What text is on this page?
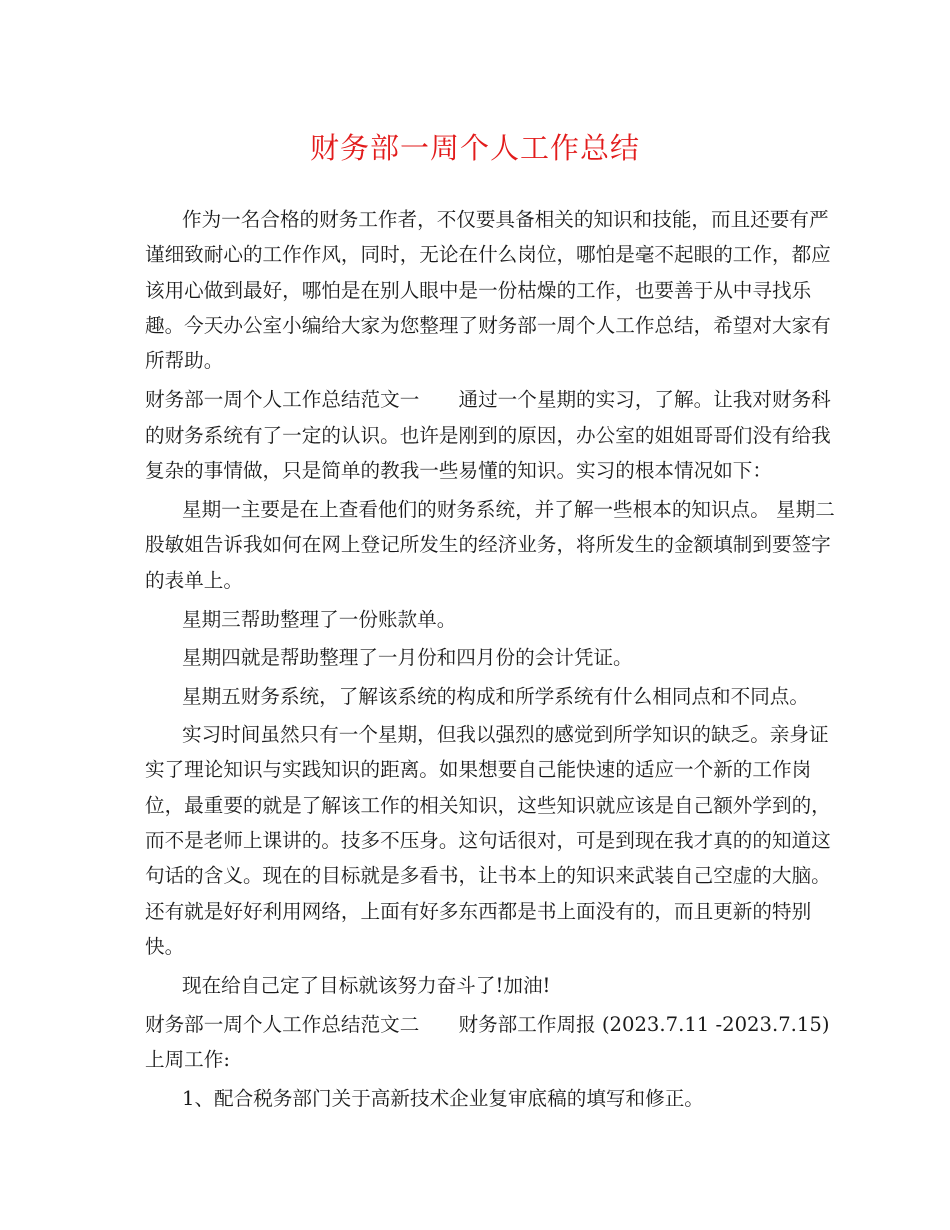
财务部一周个人工作总结

作为一名合格的财务工作者，不仅要具备相关的知识和技能，而且还要有严

谨细致耐心的工作作风，同时，无论在什么岗位，哪怕是毫不起眼的工作，都应

该用心做到最好，哪怕是在别人眼中是一份枯燥的工作，也要善于从中寻找乐

趣。今天办公室小编给大家为您整理了财务部一周个人工作总结，希望对大家有

所帮助。

财务部一周个人工作总结范文一　　通过一个星期的实习，了解。让我对财务科

的财务系统有了一定的认识。也许是刚到的原因，办公室的姐姐哥哥们没有给我

复杂的事情做，只是简单的教我一些易懂的知识。实习的根本情况如下：

星期一主要是在上查看他们的财务系统，并了解一些根本的知识点。 星期二

股敏姐告诉我如何在网上登记所发生的经济业务，将所发生的金额填制到要签字

的表单上。

星期三帮助整理了一份账款单。

星期四就是帮助整理了一月份和四月份的会计凭证。

星期五财务系统，了解该系统的构成和所学系统有什么相同点和不同点。

实习时间虽然只有一个星期，但我以强烈的感觉到所学知识的缺乏。亲身证

实了理论知识与实践知识的距离。如果想要自己能快速的适应一个新的工作岗

位，最重要的就是了解该工作的相关知识，这些知识就应该是自己额外学到的，

而不是老师上课讲的。技多不压身。这句话很对，可是到现在我才真的的知道这

句话的含义。现在的目标就是多看书，让书本上的知识来武装自己空虚的大脑。

还有就是好好利用网络，上面有好多东西都是书上面没有的，而且更新的特别

快。

现在给自己定了目标就该努力奋斗了!加油!

财务部一周个人工作总结范文二　　财务部工作周报 (2023.7.11 -2023.7.15)

上周工作:

1、配合税务部门关于高新技术企业复审底稿的填写和修正。
